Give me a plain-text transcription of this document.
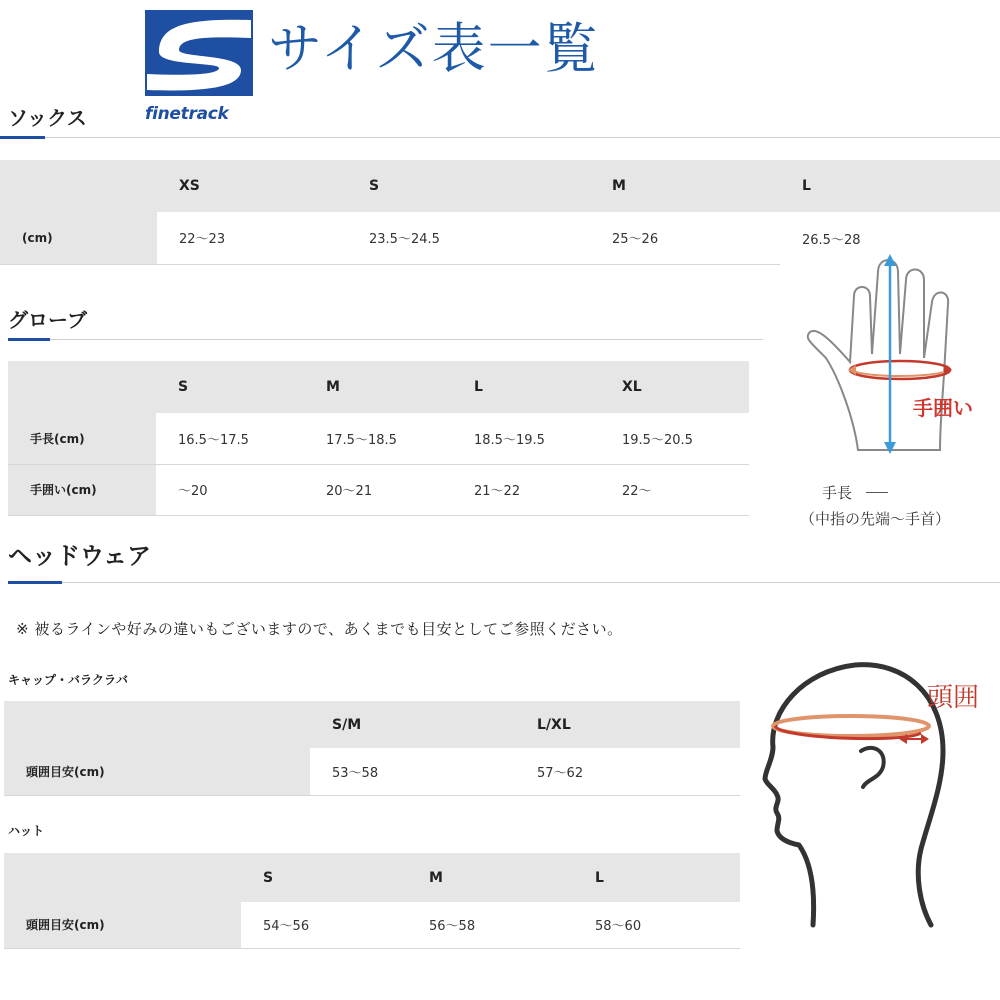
finetrack
サイズ表一覧
ソックス
	XS	S	M	L
(cm)	22〜23	23.5〜24.5	25〜26	26.5〜28
グローブ
	S	M	L	XL
手長(cm)	16.5〜17.5	17.5〜18.5	18.5〜19.5	19.5〜20.5
手囲い(cm)	〜20	20〜21	21〜22	22〜
手囲い
手長
（中指の先端〜手首）
ヘッドウェア
※ 被るラインや好みの違いもございますので、あくまでも目安としてご参照ください。
キャップ・バラクラバ
	S/M	L/XL
頭囲目安(cm)	53〜58	57〜62
ハット
	S	M	L
頭囲目安(cm)	54〜56	56〜58	58〜60
頭囲
